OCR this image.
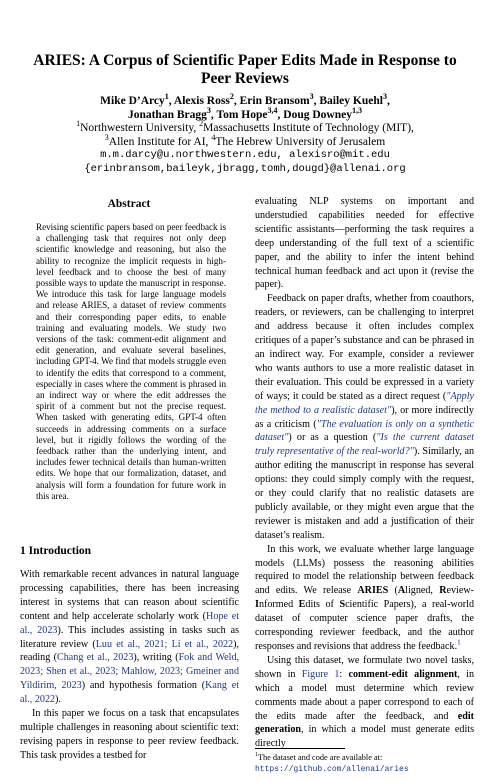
ARIES: A Corpus of Scientific Paper Edits Made in Response to Peer Reviews
Mike D’Arcy$^1$, Alexis Ross$^2$, Erin Bransom$^3$, Bailey Kuehl$^3$,
Jonathan Bragg$^3$, Tom Hope$^{3,4}$, Doug Downey$^{1,3}$
$^1$Northwestern University, $^2$Massachusetts Institute of Technology (MIT),
$^3$Allen Institute for AI, $^4$The Hebrew University of Jerusalem
m.m.darcy@u.northwestern.edu, alexisro@mit.edu
{erinbransom,baileyk,jbragg,tomh,dougd}@allenai.org
Abstract
Revising scientific papers based on peer feedback is a challenging task that requires not only deep scientific knowledge and reasoning, but also the ability to recognize the implicit requests in high-level feedback and to choose the best of many possible ways to update the manuscript in response. We introduce this task for large language models and release ARIES, a dataset of review comments and their corresponding paper edits, to enable training and evaluating models. We study two versions of the task: comment-edit alignment and edit generation, and evaluate several baselines, including GPT-4. We find that models struggle even to identify the edits that correspond to a comment, especially in cases where the comment is phrased in an indirect way or where the edit addresses the spirit of a comment but not the precise request. When tasked with generating edits, GPT-4 often succeeds in addressing comments on a surface level, but it rigidly follows the wording of the feedback rather than the underlying intent, and includes fewer technical details than human-written edits. We hope that our formalization, dataset, and analysis will form a foundation for future work in this area.
1 Introduction

With remarkable recent advances in natural language processing capabilities, there has been increasing interest in systems that can reason about scientific content and help accelerate scholarly work (Hope et al., 2023). This includes assisting in tasks such as literature review (Luu et al., 2021; Li et al., 2022), reading (Chang et al., 2023), writing (Fok and Weld, 2023; Shen et al., 2023; Mahlow, 2023; Gmeiner and Yildirim, 2023) and hypothesis formation (Kang et al., 2022).

In this paper we focus on a task that encapsulates multiple challenges in reasoning about scientific text: revising papers in response to peer review feedback. This task provides a testbed for

evaluating NLP systems on important and understudied capabilities needed for effective scientific assistants—performing the task requires a deep understanding of the full text of a scientific paper, and the ability to infer the intent behind technical human feedback and act upon it (revise the paper).

Feedback on paper drafts, whether from coauthors, readers, or reviewers, can be challenging to interpret and address because it often includes complex critiques of a paper’s substance and can be phrased in an indirect way. For example, consider a reviewer who wants authors to use a more realistic dataset in their evaluation. This could be expressed in a variety of ways; it could be stated as a direct request ("Apply the method to a realistic dataset"), or more indirectly as a criticism ("The evaluation is only on a synthetic dataset") or as a question ("Is the current dataset truly representative of the real-world?"). Similarly, an author editing the manuscript in response has several options: they could simply comply with the request, or they could clarify that no realistic datasets are publicly available, or they might even argue that the reviewer is mistaken and add a justification of their dataset’s realism.

In this work, we evaluate whether large language models (LLMs) possess the reasoning abilities required to model the relationship between feedback and edits. We release ARIES (Aligned, Review-Informed Edits of Scientific Papers), a real-world dataset of computer science paper drafts, the corresponding reviewer feedback, and the author responses and revisions that address the feedback.$^1$

Using this dataset, we formulate two novel tasks, shown in Figure 1: comment-edit alignment, in which a model must determine which review comments made about a paper correspond to each of the edits made after the feedback, and edit generation, in which a model must generate edits directly

$^1$The dataset and code are available at: https://github.com/allenai/aries
